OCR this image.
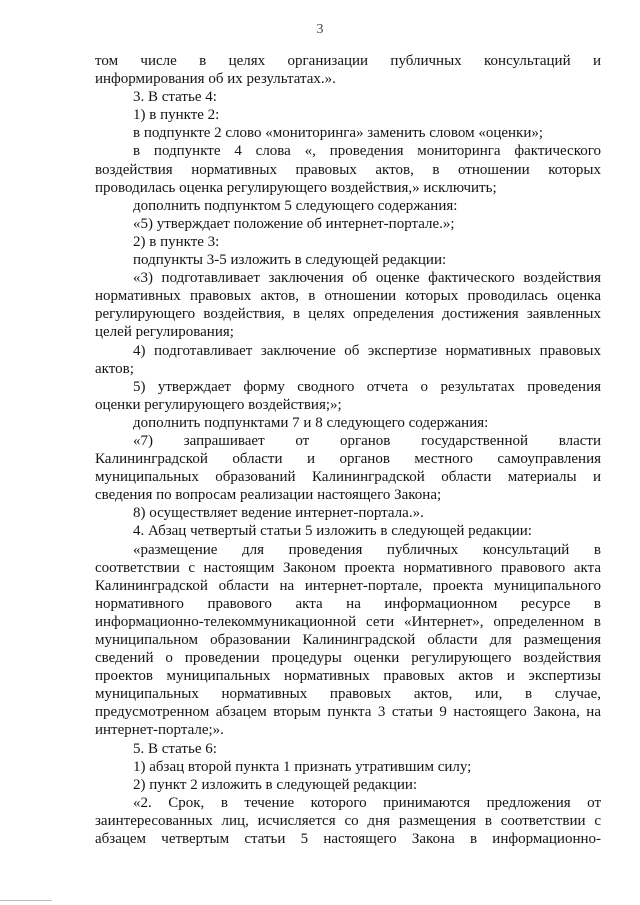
3

том числе в целях организации публичных консультаций и

информирования об их результатах.».

3. В статье 4:

1) в пункте 2:

в подпункте 2 слово «мониторинга» заменить словом «оценки»;

в подпункте 4 слова «, проведения мониторинга фактического

воздействия нормативных правовых актов, в отношении которых

проводилась оценка регулирующего воздействия,» исключить;

дополнить подпунктом 5 следующего содержания:

«5) утверждает положение об интернет-портале.»;

2) в пункте 3:

подпункты 3-5 изложить в следующей редакции:

«3) подготавливает заключения об оценке фактического воздействия

нормативных правовых актов, в отношении которых проводилась оценка

регулирующего воздействия, в целях определения достижения заявленных

целей регулирования;

4) подготавливает заключение об экспертизе нормативных правовых

актов;

5) утверждает форму сводного отчета о результатах проведения

оценки регулирующего воздействия;»;

дополнить подпунктами 7 и 8 следующего содержания:

«7) запрашивает от органов государственной власти

Калининградской области и органов местного самоуправления

муниципальных образований Калининградской области материалы и

сведения по вопросам реализации настоящего Закона;

8) осуществляет ведение интернет-портала.».

4. Абзац четвертый статьи 5 изложить в следующей редакции:

«размещение для проведения публичных консультаций в

соответствии с настоящим Законом проекта нормативного правового акта

Калининградской области на интернет-портале, проекта муниципального

нормативного правового акта на информационном ресурсе в

информационно-телекоммуникационной сети «Интернет», определенном в

муниципальном образовании Калининградской области для размещения

сведений о проведении процедуры оценки регулирующего воздействия

проектов муниципальных нормативных правовых актов и экспертизы

муниципальных нормативных правовых актов, или, в случае,

предусмотренном абзацем вторым пункта 3 статьи 9 настоящего Закона, на

интернет-портале;».

5. В статье 6:

1) абзац второй пункта 1 признать утратившим силу;

2) пункт 2 изложить в следующей редакции:

«2. Срок, в течение которого принимаются предложения от

заинтересованных лиц, исчисляется со дня размещения в соответствии с

абзацем четвертым статьи 5 настоящего Закона в информационно-
